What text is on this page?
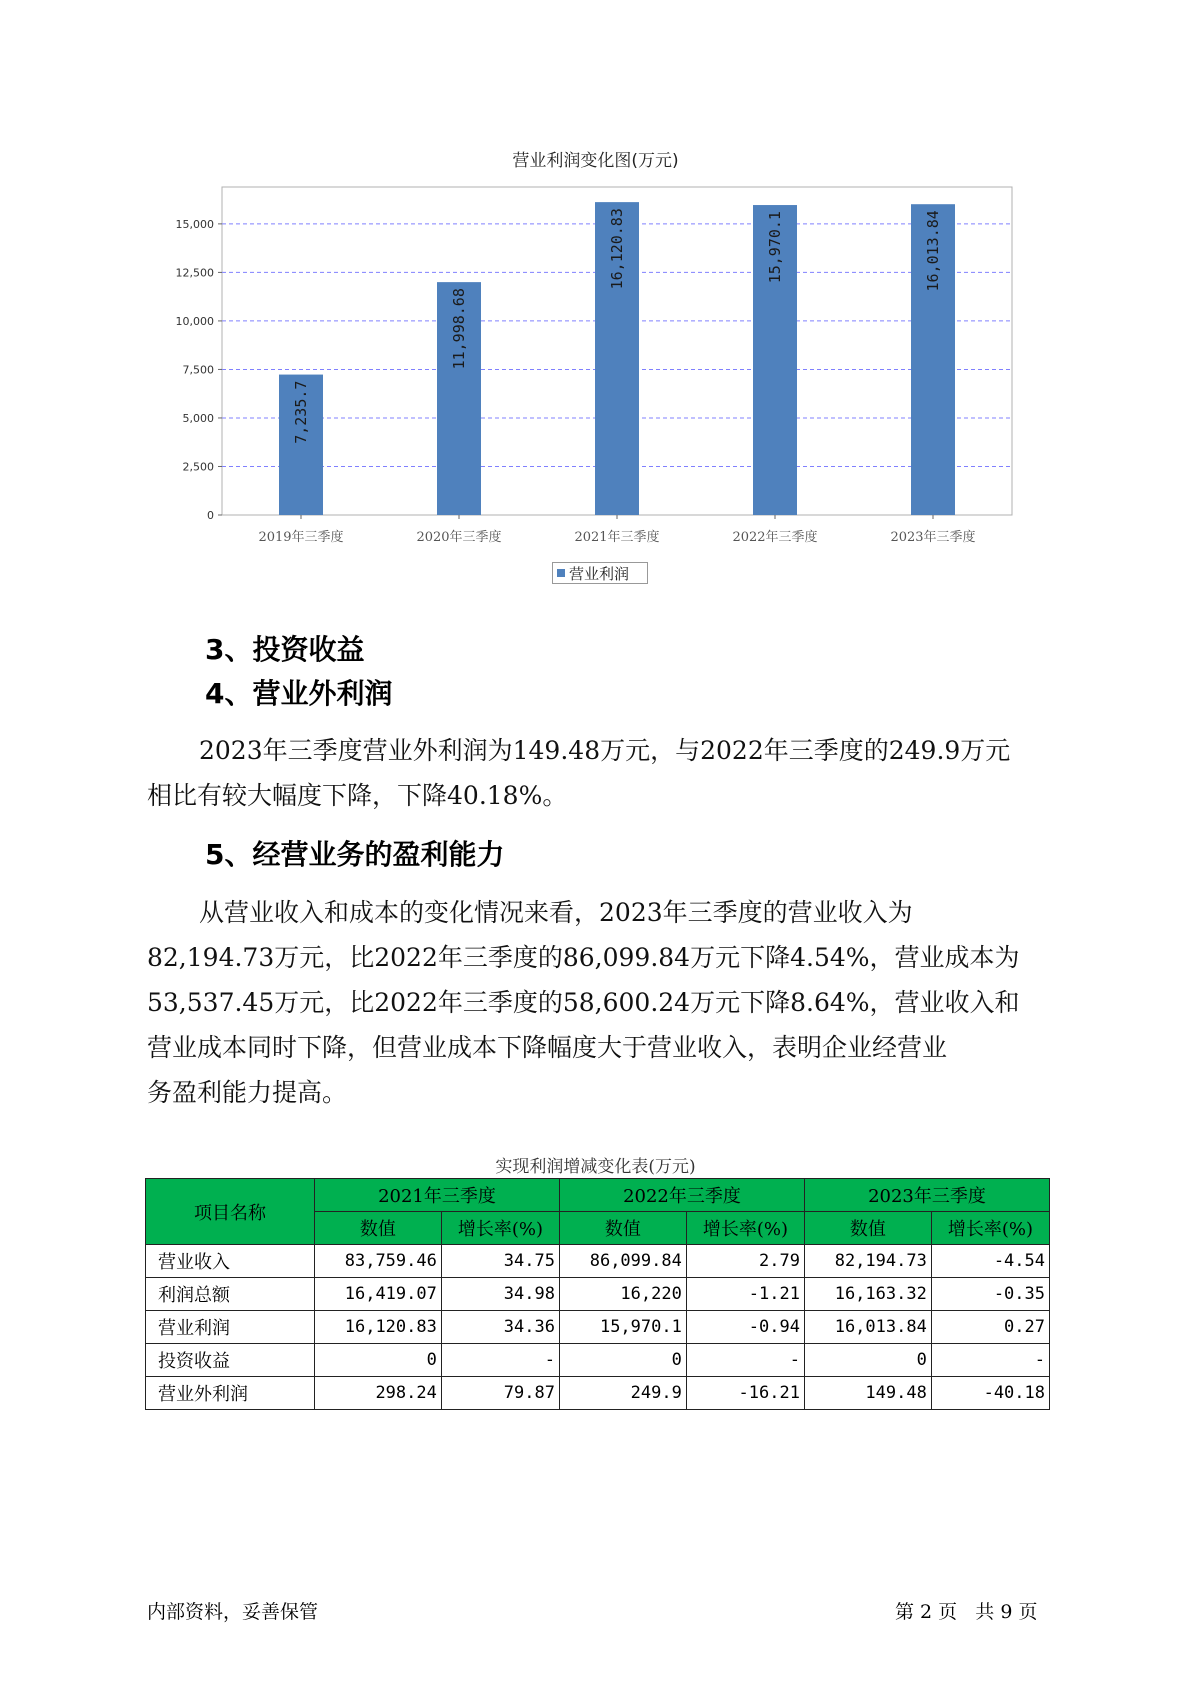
营业利润变化图(万元)
0
2,500
5,000
7,500
10,000
12,500
15,000
7,235.7
2019年三季度
11,998.68
2020年三季度
16,120.83
2021年三季度
15,970.1
2022年三季度
16,013.84
2023年三季度
营业利润
3、投资收益
4、营业外利润
2023年三季度营业外利润为149.48万元，与2022年三季度的249.9万元
相比有较大幅度下降，下降40.18%。
5、经营业务的盈利能力
从营业收入和成本的变化情况来看，2023年三季度的营业收入为
82,194.73万元，比2022年三季度的86,099.84万元下降4.54%，营业成本为
53,537.45万元，比2022年三季度的58,600.24万元下降8.64%，营业收入和
营业成本同时下降，但营业成本下降幅度大于营业收入，表明企业经营业
务盈利能力提高。
实现利润增减变化表(万元)
项目名称	2021年三季度		2022年三季度		2023年三季度	
	数值	增长率(%)	数值	增长率(%)	数值	增长率(%)
营业收入	83,759.46	34.75	86,099.84	2.79	82,194.73	-4.54
利润总额	16,419.07	34.98	16,220	-1.21	16,163.32	-0.35
营业利润	16,120.83	34.36	15,970.1	-0.94	16,013.84	0.27
投资收益	0	-	0	-	0	-
营业外利润	298.24	79.87	249.9	-16.21	149.48	-40.18
内部资料，妥善保管	第 2 页   共 9 页
